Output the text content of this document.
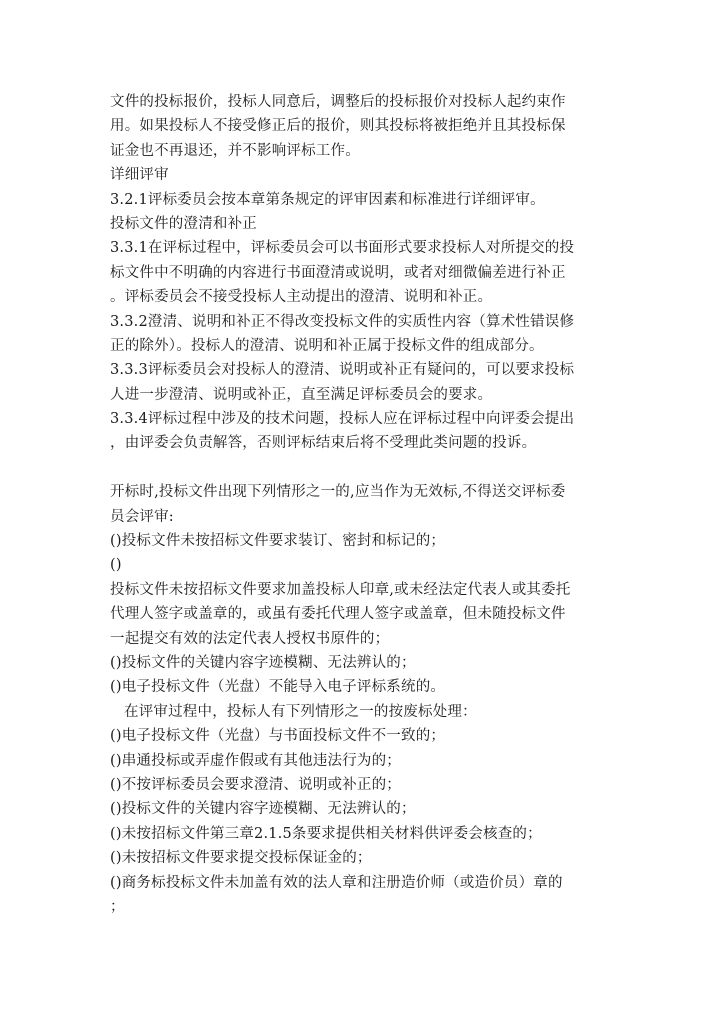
文件的投标报价，投标人同意后，调整后的投标报价对投标人起约束作
用。如果投标人不接受修正后的报价，则其投标将被拒绝并且其投标保
证金也不再退还，并不影响评标工作。
详细评审
3.2.1评标委员会按本章第条规定的评审因素和标准进行详细评审。
投标文件的澄清和补正
3.3.1在评标过程中，评标委员会可以书面形式要求投标人对所提交的投
标文件中不明确的内容进行书面澄清或说明，或者对细微偏差进行补正
。评标委员会不接受投标人主动提出的澄清、说明和补正。
3.3.2澄清、说明和补正不得改变投标文件的实质性内容（算术性错误修
正的除外）。投标人的澄清、说明和补正属于投标文件的组成部分。
3.3.3评标委员会对投标人的澄清、说明或补正有疑问的，可以要求投标
人进一步澄清、说明或补正，直至满足评标委员会的要求。
3.3.4评标过程中涉及的技术问题，投标人应在评标过程中向评委会提出
，由评委会负责解答，否则评标结束后将不受理此类问题的投诉。
开标时,投标文件出现下列情形之一的,应当作为无效标,不得送交评标委
员会评审:
()投标文件未按招标文件要求装订、密封和标记的；
()
投标文件未按招标文件要求加盖投标人印章,或未经法定代表人或其委托
代理人签字或盖章的，或虽有委托代理人签字或盖章，但未随投标文件
一起提交有效的法定代表人授权书原件的；
()投标文件的关键内容字迹模糊、无法辨认的；
()电子投标文件（光盘）不能导入电子评标系统的。
在评审过程中，投标人有下列情形之一的按废标处理：
()电子投标文件（光盘）与书面投标文件不一致的；
()串通投标或弄虚作假或有其他违法行为的；
()不按评标委员会要求澄清、说明或补正的；
()投标文件的关键内容字迹模糊、无法辨认的；
()未按招标文件第三章2.1.5条要求提供相关材料供评委会核查的；
()未按招标文件要求提交投标保证金的；
()商务标投标文件未加盖有效的法人章和注册造价师（或造价员）章的
；
